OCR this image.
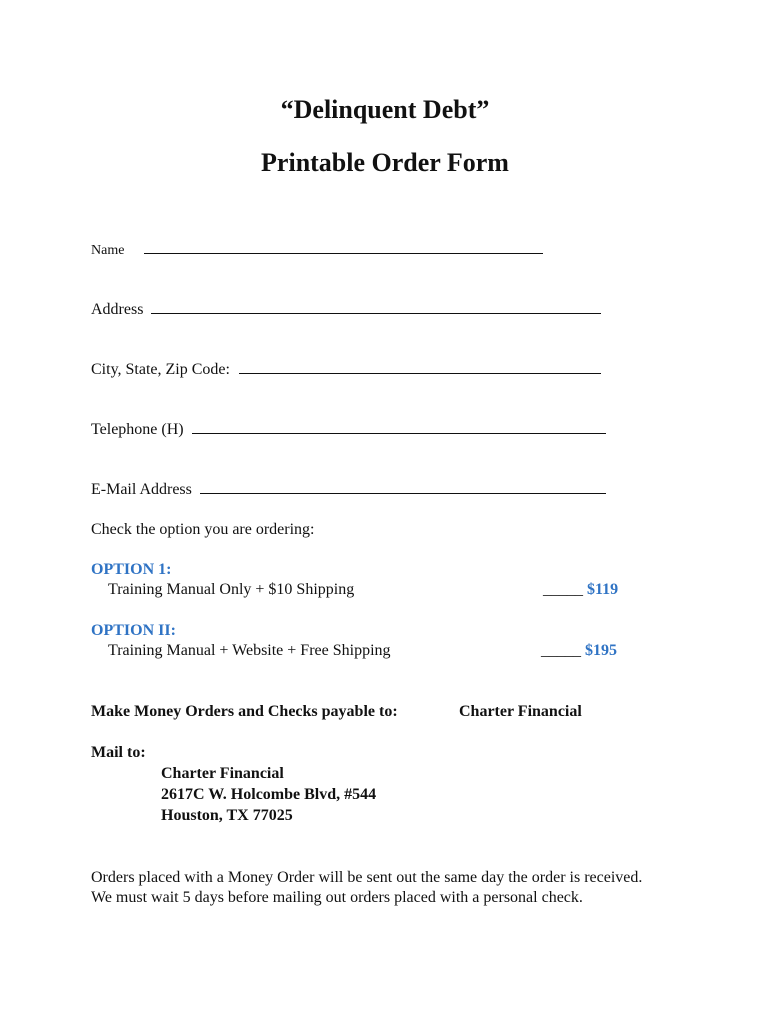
“Delinquent Debt”
Printable Order Form
Name
Address
City, State, Zip Code:
Telephone (H)
E-Mail Address
Check the option you are ordering:
OPTION 1:
Training Manual Only + $10 Shipping	_____ $119
OPTION II:
Training Manual + Website + Free Shipping	_____ $195
Make Money Orders and Checks payable to:	Charter Financial
Mail to:
Charter Financial
2617C W. Holcombe Blvd, #544
Houston, TX 77025
Orders placed with a Money Order will be sent out the same day the order is received.
We must wait 5 days before mailing out orders placed with a personal check.
